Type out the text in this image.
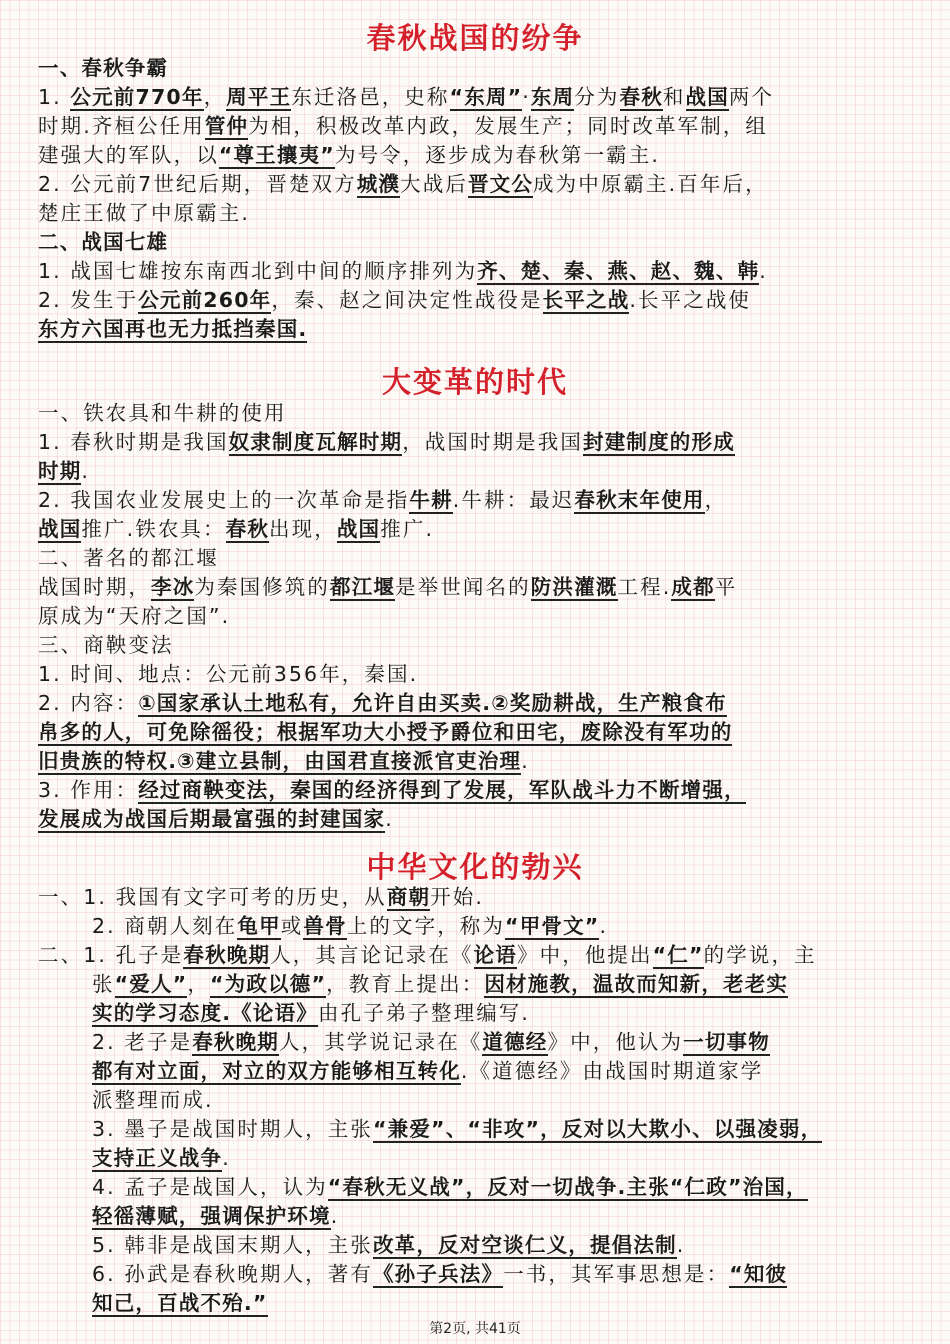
春秋战国的纷争

一、春秋争霸

1. 公元前770年，周平王东迁洛邑，史称“东周”·东周分为春秋和战国两个

时期.齐桓公任用管仲为相，积极改革内政，发展生产；同时改革军制，组

建强大的军队，以“尊王攘夷”为号令，逐步成为春秋第一霸主.

2. 公元前7世纪后期，晋楚双方城濮大战后晋文公成为中原霸主.百年后，

楚庄王做了中原霸主.

二、战国七雄

1. 战国七雄按东南西北到中间的顺序排列为齐、楚、秦、燕、赵、魏、韩.

2. 发生于公元前260年，秦、赵之间决定性战役是长平之战.长平之战使

东方六国再也无力抵挡秦国.

大变革的时代

一、铁农具和牛耕的使用

1. 春秋时期是我国奴隶制度瓦解时期，战国时期是我国封建制度的形成

时期.

2. 我国农业发展史上的一次革命是指牛耕.牛耕：最迟春秋末年使用，

战国推广.铁农具：春秋出现，战国推广.

二、著名的都江堰

战国时期，李冰为秦国修筑的都江堰是举世闻名的防洪灌溉工程.成都平

原成为“天府之国”.

三、商鞅变法

1. 时间、地点：公元前356年，秦国.

2. 内容：①国家承认土地私有，允许自由买卖.②奖励耕战，生产粮食布

帛多的人，可免除徭役；根据军功大小授予爵位和田宅，废除没有军功的

旧贵族的特权.③建立县制，由国君直接派官吏治理.

3. 作用：经过商鞅变法，秦国的经济得到了发展，军队战斗力不断增强，

发展成为战国后期最富强的封建国家.

中华文化的勃兴

一、1. 我国有文字可考的历史，从商朝开始.

2. 商朝人刻在龟甲或兽骨上的文字，称为“甲骨文”.

二、1. 孔子是春秋晚期人，其言论记录在《论语》中，他提出“仁”的学说，主

张“爱人”，“为政以德”，教育上提出：因材施教，温故而知新，老老实

实的学习态度.《论语》由孔子弟子整理编写.

2. 老子是春秋晚期人，其学说记录在《道德经》中，他认为一切事物

都有对立面，对立的双方能够相互转化.《道德经》由战国时期道家学

派整理而成.

3. 墨子是战国时期人，主张“兼爱”、“非攻”，反对以大欺小、以强凌弱，

支持正义战争.

4. 孟子是战国人，认为“春秋无义战”，反对一切战争.主张“仁政”治国，

轻徭薄赋，强调保护环境.

5. 韩非是战国末期人，主张改革，反对空谈仁义，提倡法制.

6. 孙武是春秋晚期人，著有《孙子兵法》一书，其军事思想是：“知彼

知己，百战不殆.”

第2页, 共41页
